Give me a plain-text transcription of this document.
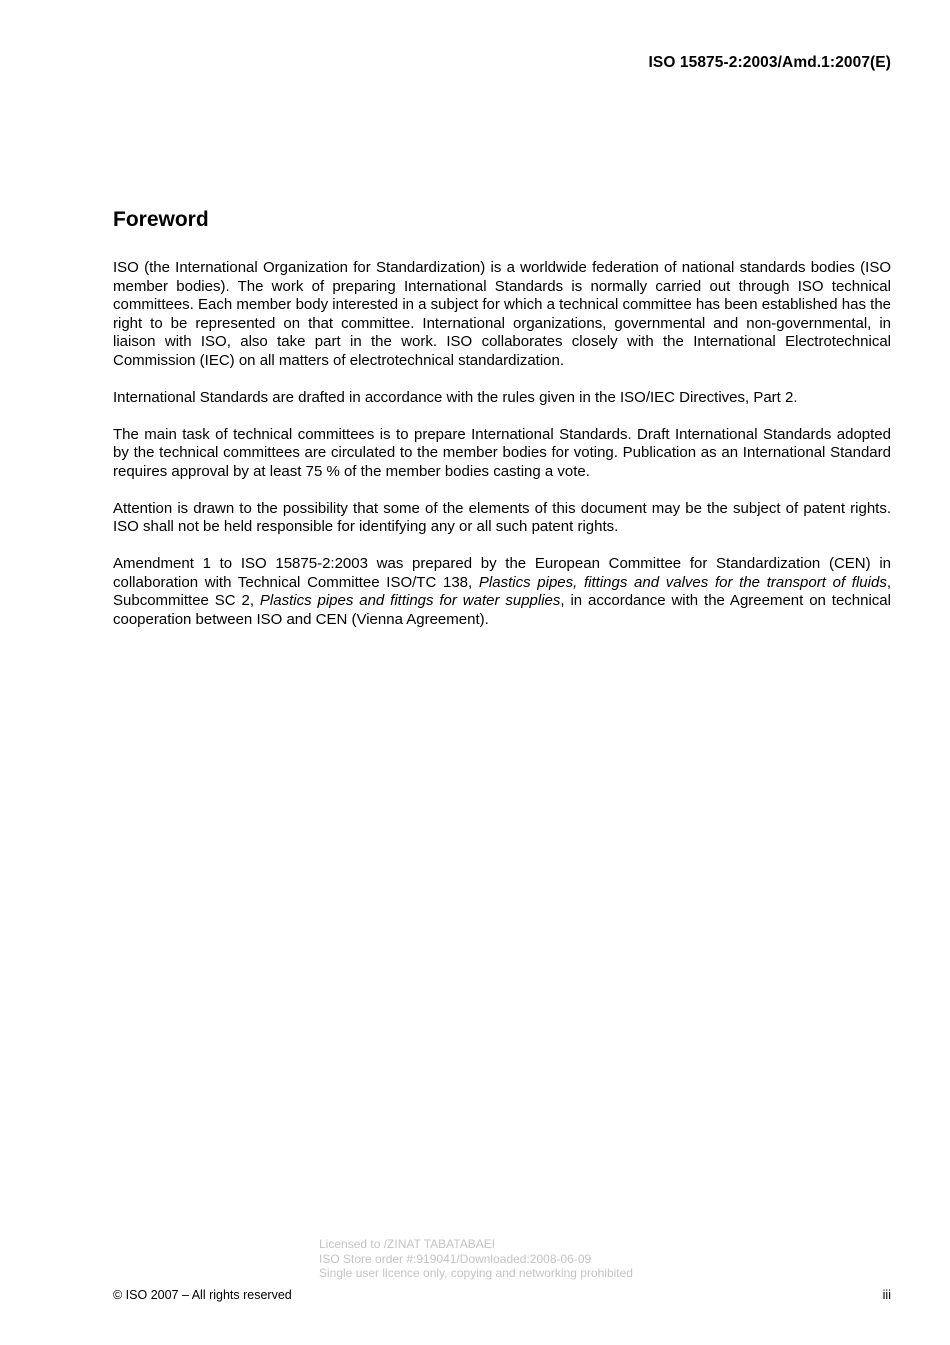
ISO 15875-2:2003/Amd.1:2007(E)
Foreword

ISO (the International Organization for Standardization) is a worldwide federation of national standards bodies (ISO member bodies). The work of preparing International Standards is normally carried out through ISO technical committees. Each member body interested in a subject for which a technical committee has been established has the right to be represented on that committee. International organizations, governmental and non-governmental, in liaison with ISO, also take part in the work. ISO collaborates closely with the International Electrotechnical Commission (IEC) on all matters of electrotechnical standardization.

International Standards are drafted in accordance with the rules given in the ISO/IEC Directives, Part 2.

The main task of technical committees is to prepare International Standards. Draft International Standards adopted by the technical committees are circulated to the member bodies for voting. Publication as an International Standard requires approval by at least 75 % of the member bodies casting a vote.

Attention is drawn to the possibility that some of the elements of this document may be the subject of patent rights. ISO shall not be held responsible for identifying any or all such patent rights.

Amendment 1 to ISO 15875-2:2003 was prepared by the European Committee for Standardization (CEN) in collaboration with Technical Committee ISO/TC 138, Plastics pipes, fittings and valves for the transport of fluids, Subcommittee SC 2, Plastics pipes and fittings for water supplies, in accordance with the Agreement on technical cooperation between ISO and CEN (Vienna Agreement).

Licensed to /ZINAT TABATABAEI
ISO Store order #:919041/Downloaded:2008-06-09
Single user licence only, copying and networking prohibited
© ISO 2007 – All rights reserved	iii
